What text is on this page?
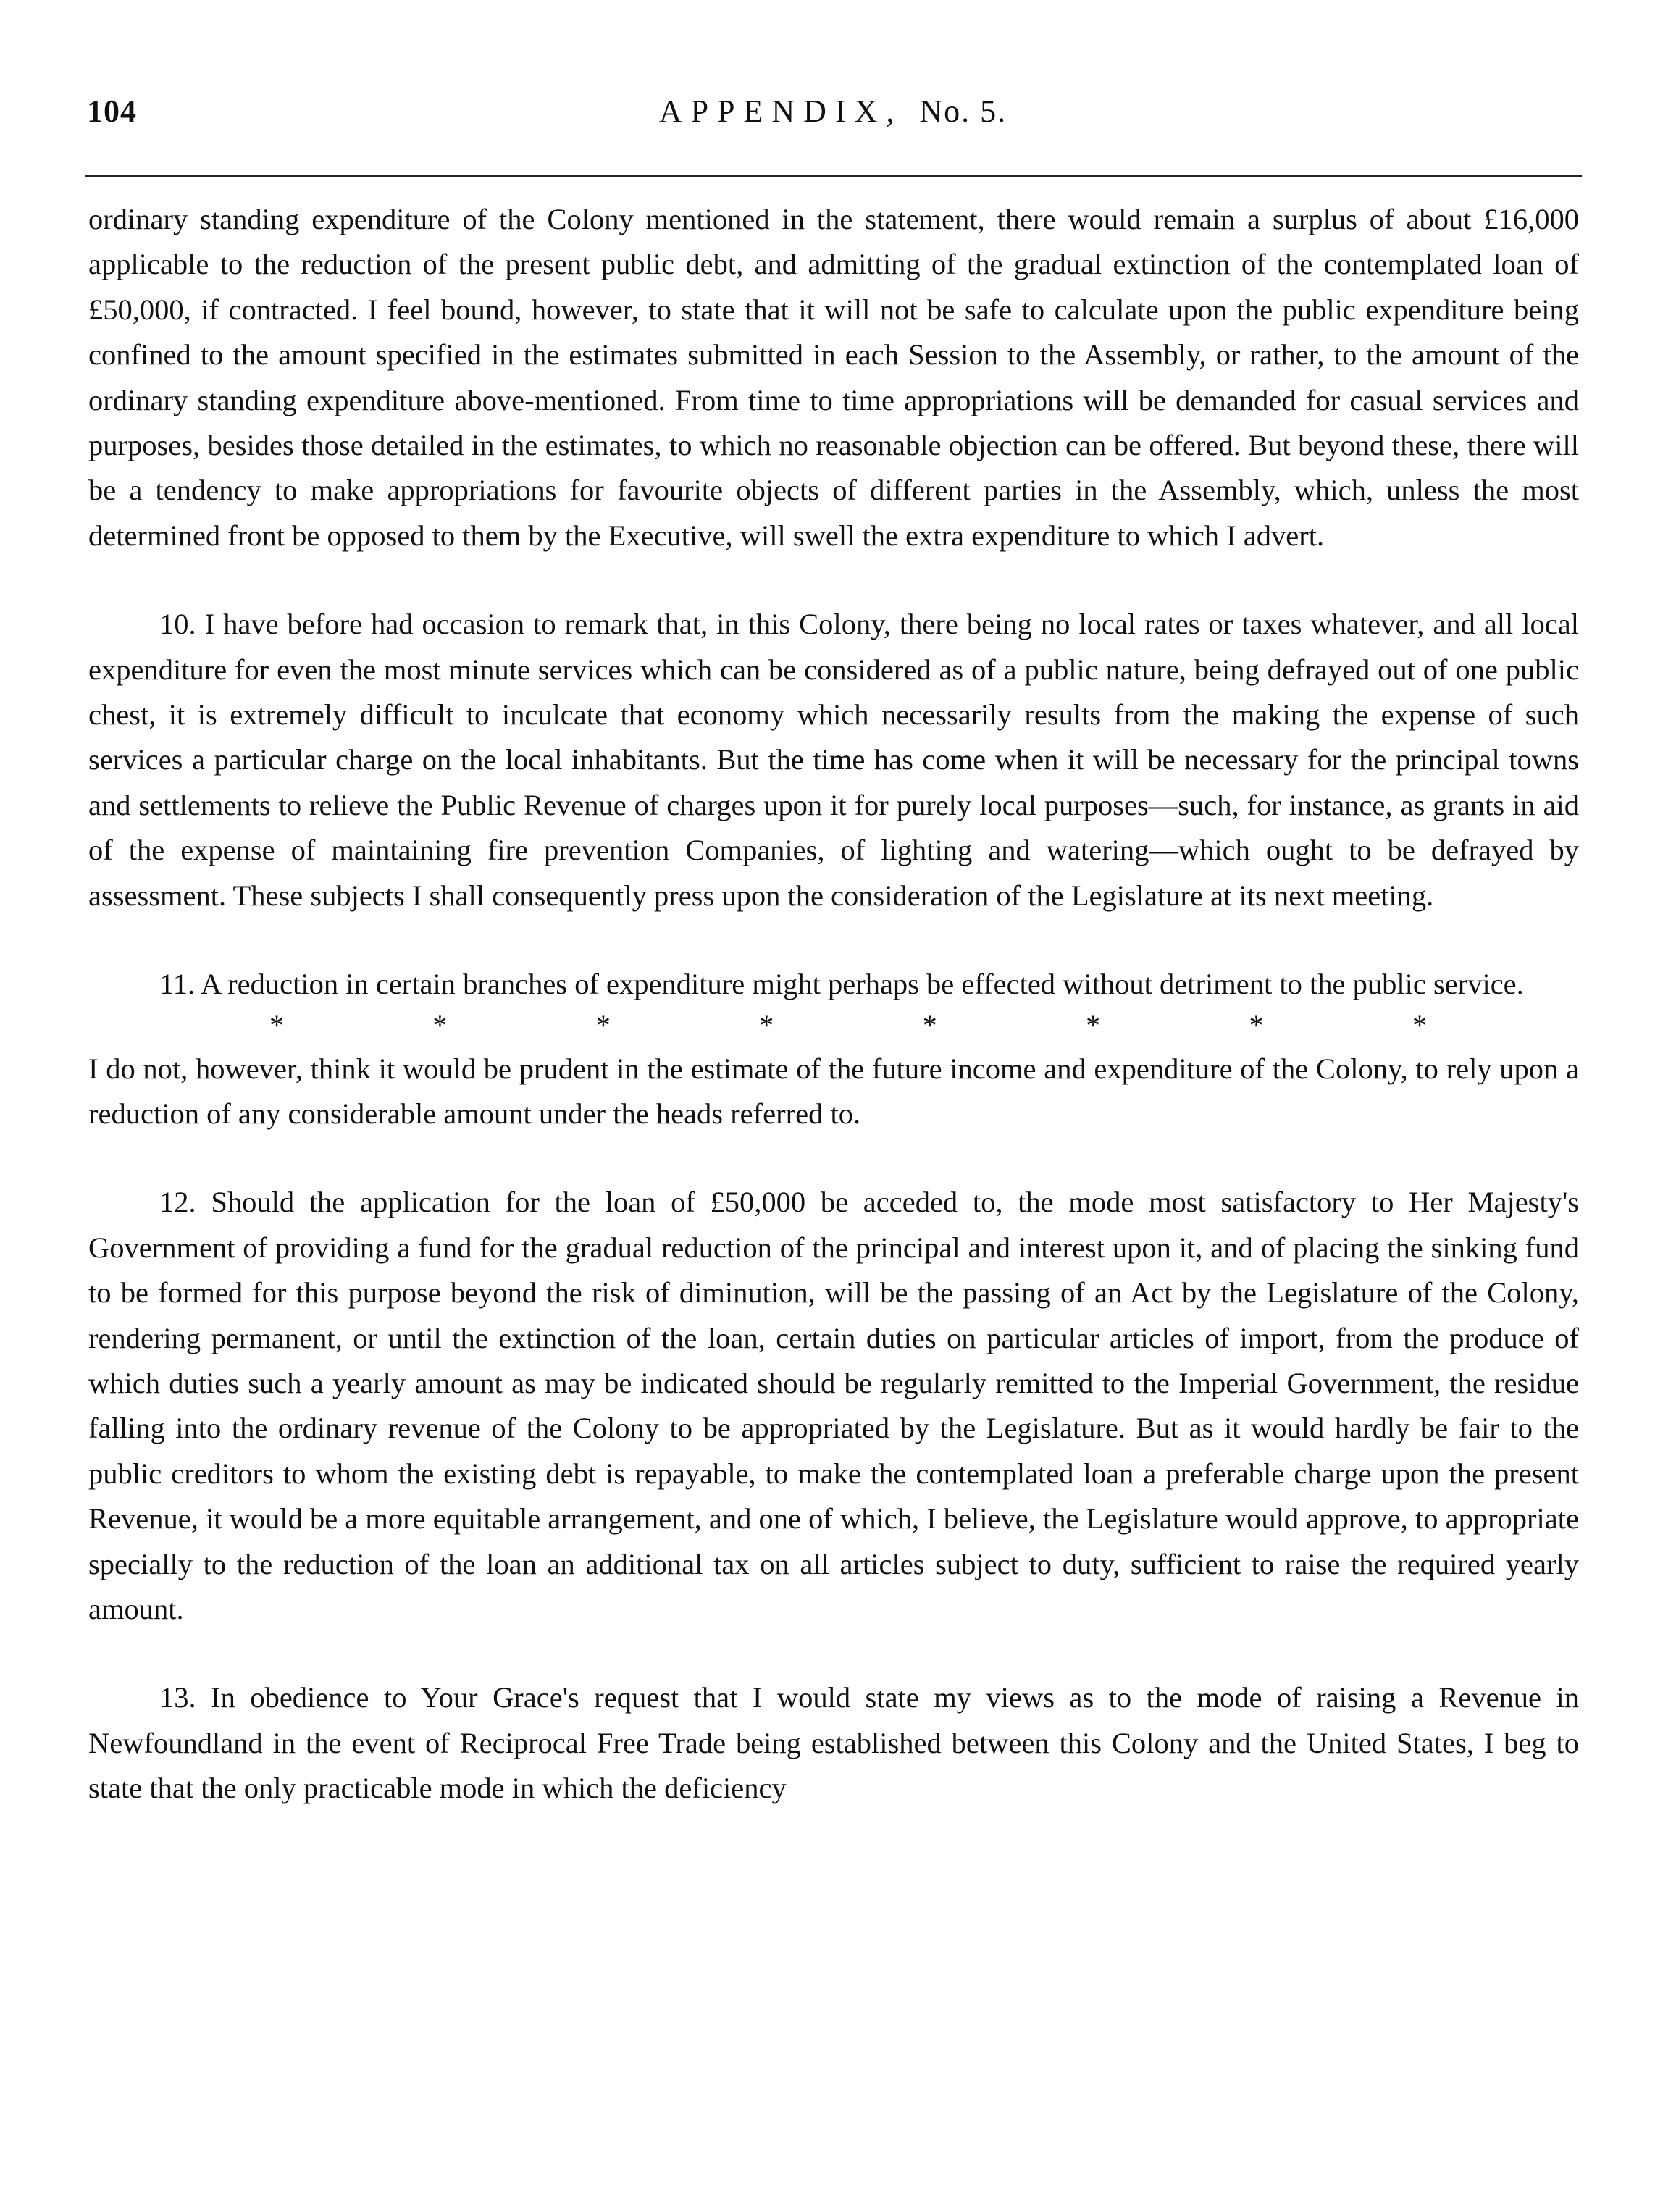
104	APPENDIX, No. 5.

ordinary standing expenditure of the Colony mentioned in the statement, there would remain a surplus of about £16,000 applicable to the reduction of the present public debt, and admitting of the gradual extinction of the contemplated loan of £50,000, if contracted. I feel bound, however, to state that it will not be safe to calculate upon the public expenditure being confined to the amount specified in the estimates submitted in each Session to the Assembly, or rather, to the amount of the ordinary standing expenditure above-mentioned. From time to time appropriations will be demanded for casual services and purposes, besides those detailed in the estimates, to which no reasonable objection can be offered. But beyond these, there will be a tendency to make appropriations for favourite objects of different parties in the Assembly, which, unless the most determined front be opposed to them by the Executive, will swell the extra expenditure to which I advert.

10. I have before had occasion to remark that, in this Colony, there being no local rates or taxes whatever, and all local expenditure for even the most minute services which can be considered as of a public nature, being defrayed out of one public chest, it is extremely difficult to inculcate that economy which necessarily results from the making the expense of such services a particular charge on the local inhabitants. But the time has come when it will be necessary for the principal towns and settlements to relieve the Public Revenue of charges upon it for purely local purposes—such, for instance, as grants in aid of the expense of maintaining fire prevention Companies, of lighting and watering—which ought to be defrayed by assessment. These subjects I shall consequently press upon the consideration of the Legislature at its next meeting.

11. A reduction in certain branches of expenditure might perhaps be effected without detriment to the public service.

*	*	*	*	*	*	*	*

I do not, however, think it would be prudent in the estimate of the future income and expenditure of the Colony, to rely upon a reduction of any considerable amount under the heads referred to.

12. Should the application for the loan of £50,000 be acceded to, the mode most satisfactory to Her Majesty's Government of providing a fund for the gradual reduction of the principal and interest upon it, and of placing the sinking fund to be formed for this purpose beyond the risk of diminution, will be the passing of an Act by the Legislature of the Colony, rendering permanent, or until the extinction of the loan, certain duties on particular articles of import, from the produce of which duties such a yearly amount as may be indicated should be regularly remitted to the Imperial Government, the residue falling into the ordinary revenue of the Colony to be appropriated by the Legislature. But as it would hardly be fair to the public creditors to whom the existing debt is repayable, to make the contemplated loan a preferable charge upon the present Revenue, it would be a more equitable arrangement, and one of which, I believe, the Legislature would approve, to appropriate specially to the reduction of the loan an additional tax on all articles subject to duty, sufficient to raise the required yearly amount.

13. In obedience to Your Grace's request that I would state my views as to the mode of raising a Revenue in Newfoundland in the event of Reciprocal Free Trade being established between this Colony and the United States, I beg to state that the only practicable mode in which the deficiency
